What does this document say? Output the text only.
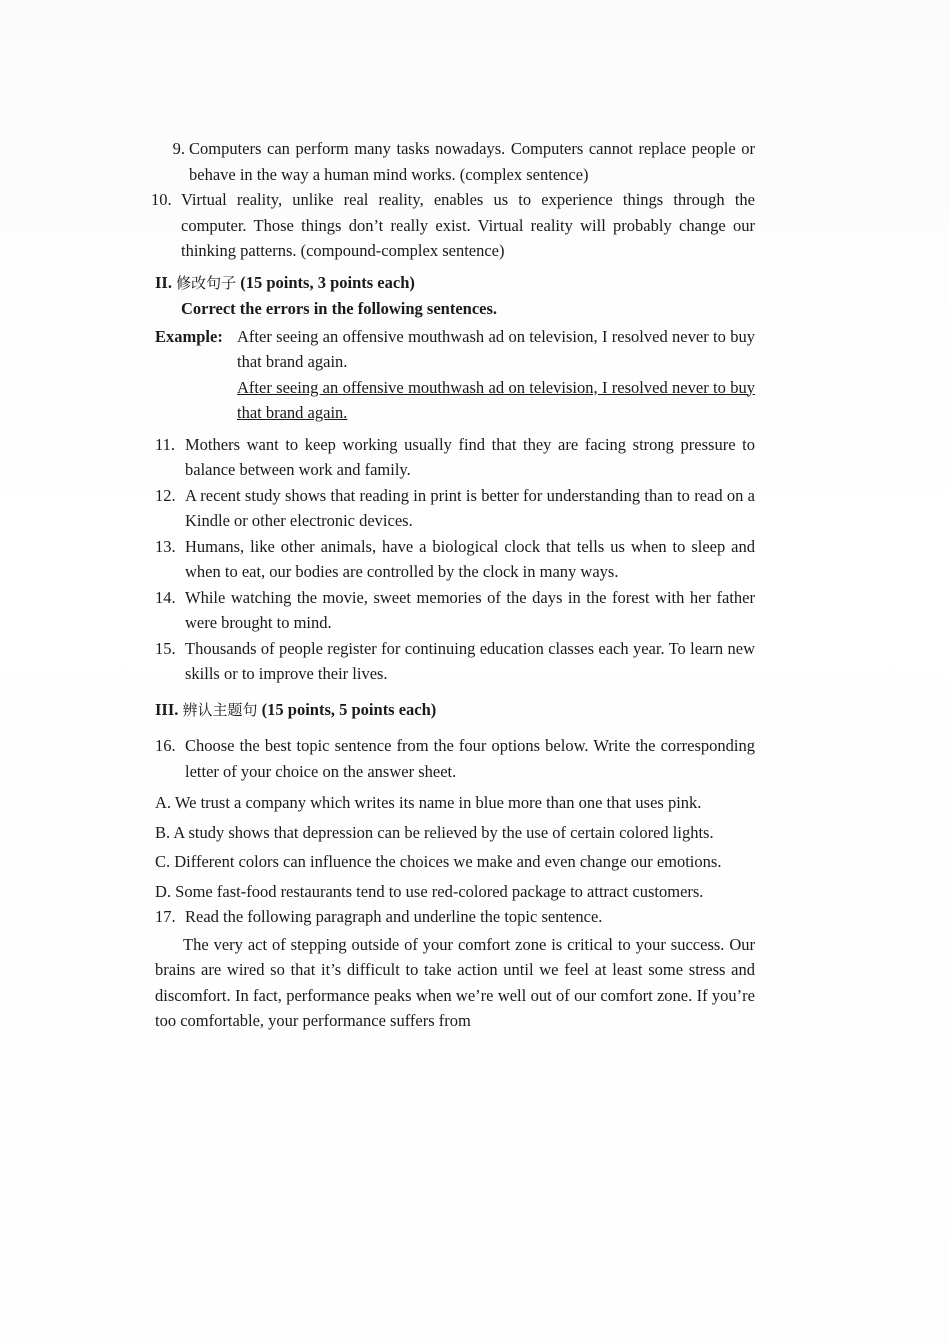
9. Computers can perform many tasks nowadays. Computers cannot replace people or behave in the way a human mind works. (complex sentence)
10. Virtual reality, unlike real reality, enables us to experience things through the computer. Those things don’t really exist. Virtual reality will probably change our thinking patterns. (compound-complex sentence)
II. 修改句子 (15 points, 3 points each)
Correct the errors in the following sentences.
Example: After seeing an offensive mouthwash ad on television, I resolved never to buy that brand again.
After seeing an offensive mouthwash ad on television, I resolved never to buy that brand again.
11. Mothers want to keep working usually find that they are facing strong pressure to balance between work and family.
12. A recent study shows that reading in print is better for understanding than to read on a Kindle or other electronic devices.
13. Humans, like other animals, have a biological clock that tells us when to sleep and when to eat, our bodies are controlled by the clock in many ways.
14. While watching the movie, sweet memories of the days in the forest with her father were brought to mind.
15. Thousands of people register for continuing education classes each year. To learn new skills or to improve their lives.
III. 辨认主题句 (15 points, 5 points each)
16. Choose the best topic sentence from the four options below. Write the corresponding letter of your choice on the answer sheet.
A. We trust a company which writes its name in blue more than one that uses pink.
B. A study shows that depression can be relieved by the use of certain colored lights.
C. Different colors can influence the choices we make and even change our emotions.
D. Some fast-food restaurants tend to use red-colored package to attract customers.
17. Read the following paragraph and underline the topic sentence.
The very act of stepping outside of your comfort zone is critical to your success. Our brains are wired so that it’s difficult to take action until we feel at least some stress and discomfort. In fact, performance peaks when we’re well out of our comfort zone. If you’re too comfortable, your performance suffers from
